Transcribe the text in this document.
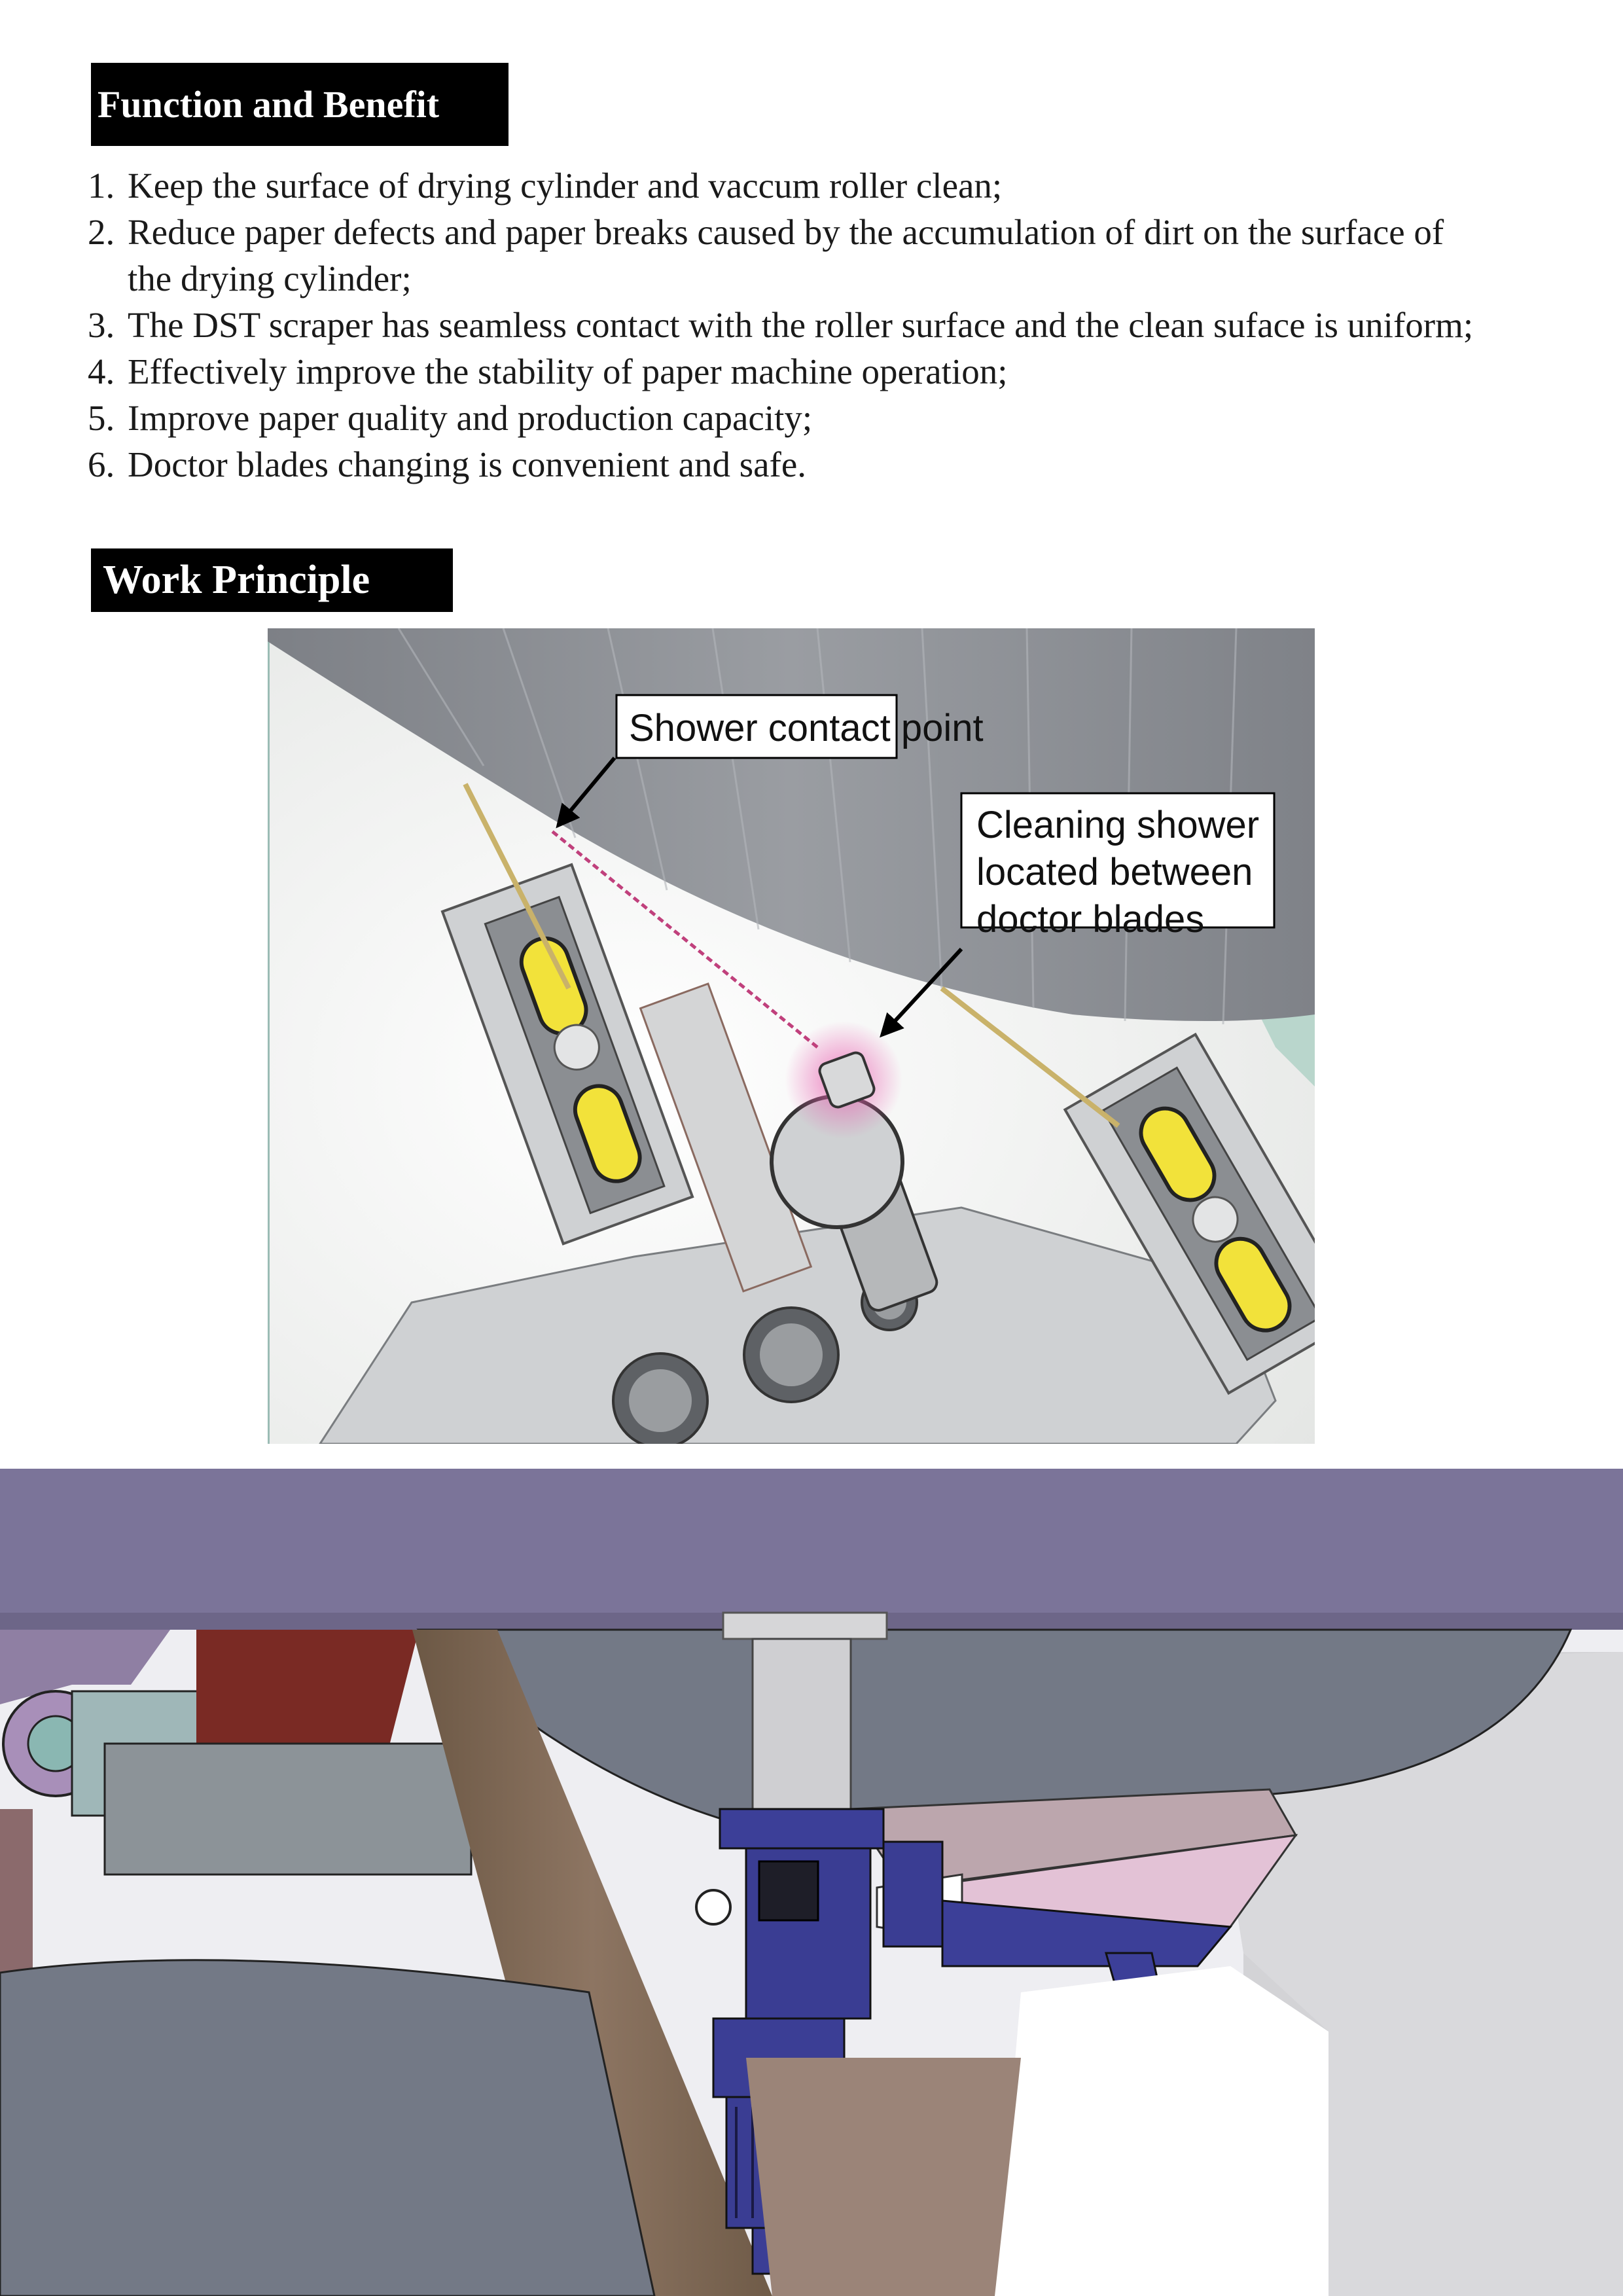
Function and Benefit
1. Keep the surface of drying cylinder and vaccum roller clean;
2. Reduce paper defects and paper breaks caused by the accumulation of dirt on the surface of the drying cylinder;
3. The DST scraper has seamless contact with the roller surface and the clean suface is uniform;
4. Effectively improve the stability of paper machine operation;
5. Improve paper quality and production capacity;
6. Doctor blades changing is convenient and safe.
Work Principle
Shower contact point
Cleaning shower located between doctor blades
